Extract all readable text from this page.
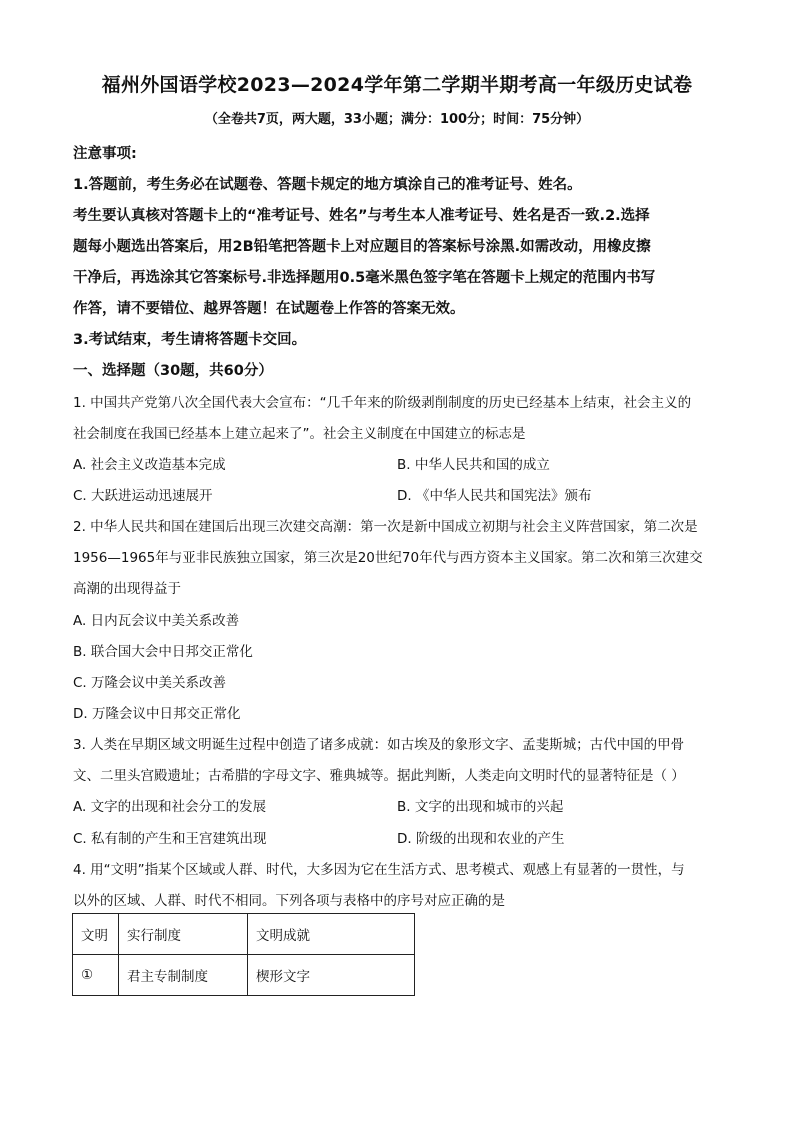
福州外国语学校2023—2024学年第二学期半期考高一年级历史试卷
（全卷共7页，两大题，33小题；满分：100分；时间：75分钟）
注意事项:
1.答题前，考生务必在试题卷、答题卡规定的地方填涂自己的准考证号、姓名。
考生要认真核对答题卡上的“准考证号、姓名”与考生本人准考证号、姓名是否一致.2.选择
题每小题选出答案后，用2B铅笔把答题卡上对应题目的答案标号涂黑.如需改动，用橡皮擦
干净后，再选涂其它答案标号.非选择题用0.5毫米黑色签字笔在答题卡上规定的范围内书写
作答，请不要错位、越界答题！在试题卷上作答的答案无效。
3.考试结束，考生请将答题卡交回。
一、选择题（30题，共60分）
1. 中国共产党第八次全国代表大会宣布：“几千年来的阶级剥削制度的历史已经基本上结束，社会主义的
社会制度在我国已经基本上建立起来了”。社会主义制度在中国建立的标志是
A. 社会主义改造基本完成	B. 中华人民共和国的成立
C. 大跃进运动迅速展开	D. 《中华人民共和国宪法》颁布
2. 中华人民共和国在建国后出现三次建交高潮：第一次是新中国成立初期与社会主义阵营国家，第二次是
1956—1965年与亚非民族独立国家，第三次是20世纪70年代与西方资本主义国家。第二次和第三次建交
高潮的出现得益于
A. 日内瓦会议中美关系改善
B. 联合国大会中日邦交正常化
C. 万隆会议中美关系改善
D. 万隆会议中日邦交正常化
3. 人类在早期区域文明诞生过程中创造了诸多成就：如古埃及的象形文字、孟斐斯城；古代中国的甲骨
文、二里头宫殿遗址；古希腊的字母文字、雅典城等。据此判断，人类走向文明时代的显著特征是（ ）
A. 文字的出现和社会分工的发展	B. 文字的出现和城市的兴起
C. 私有制的产生和王宫建筑出现	D. 阶级的出现和农业的产生
4. 用“文明”指某个区域或人群、时代，大多因为它在生活方式、思考模式、观感上有显著的一贯性，与
以外的区域、人群、时代不相同。下列各项与表格中的序号对应正确的是
文明	实行制度	文明成就
①	君主专制制度	楔形文字
